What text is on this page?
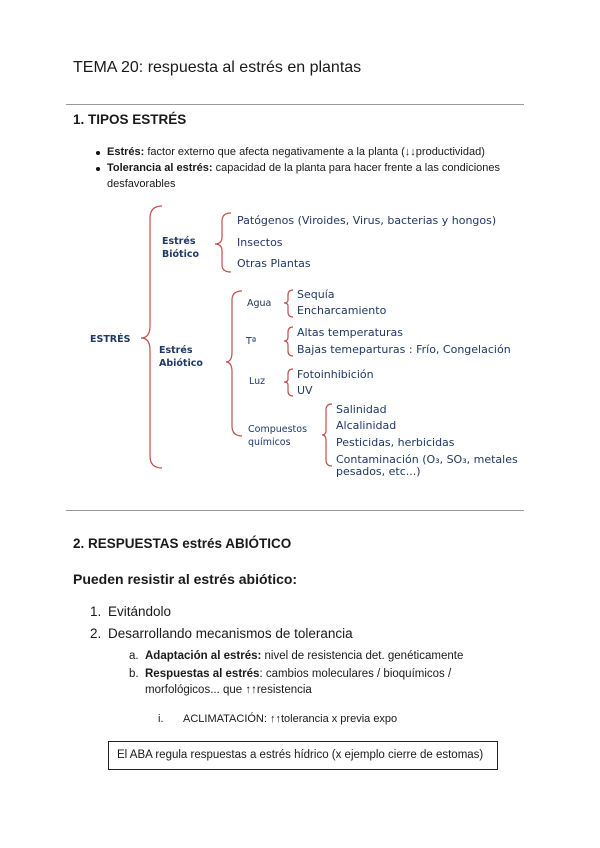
TEMA 20: respuesta al estrés en plantas
1. TIPOS ESTRÉS
Estrés: factor externo que afecta negativamente a la planta (↓↓productividad)
Tolerancia al estrés: capacidad de la planta para hacer frente a las condiciones
desfavorables
ESTRÉS
Estrés
Biótico
Patógenos (Viroides, Virus, bacterias y hongos)
Insectos
Otras Plantas
Estrés
Abiótico
Agua
Sequía
Encharcamiento
Tª
Altas temperaturas
Bajas temeparturas : Frío, Congelación
Luz
Fotoinhibición
UV
Compuestos
químicos
Salinidad
Alcalinidad
Pesticidas, herbicidas
Contaminación (O₃, SO₃, metales
pesados, etc...)
2. RESPUESTAS estrés ABIÓTICO
Pueden resistir al estrés abiótico:
1. Evitándolo
2. Desarrollando mecanismos de tolerancia
a. Adaptación al estrés: nivel de resistencia det. genéticamente
b. Respuestas al estrés: cambios moleculares / bioquímicos /
morfológicos... que ↑↑resistencia
i. ACLIMATACIÓN: ↑↑tolerancia x previa expo
El ABA regula respuestas a estrés hídrico (x ejemplo cierre de estomas)
